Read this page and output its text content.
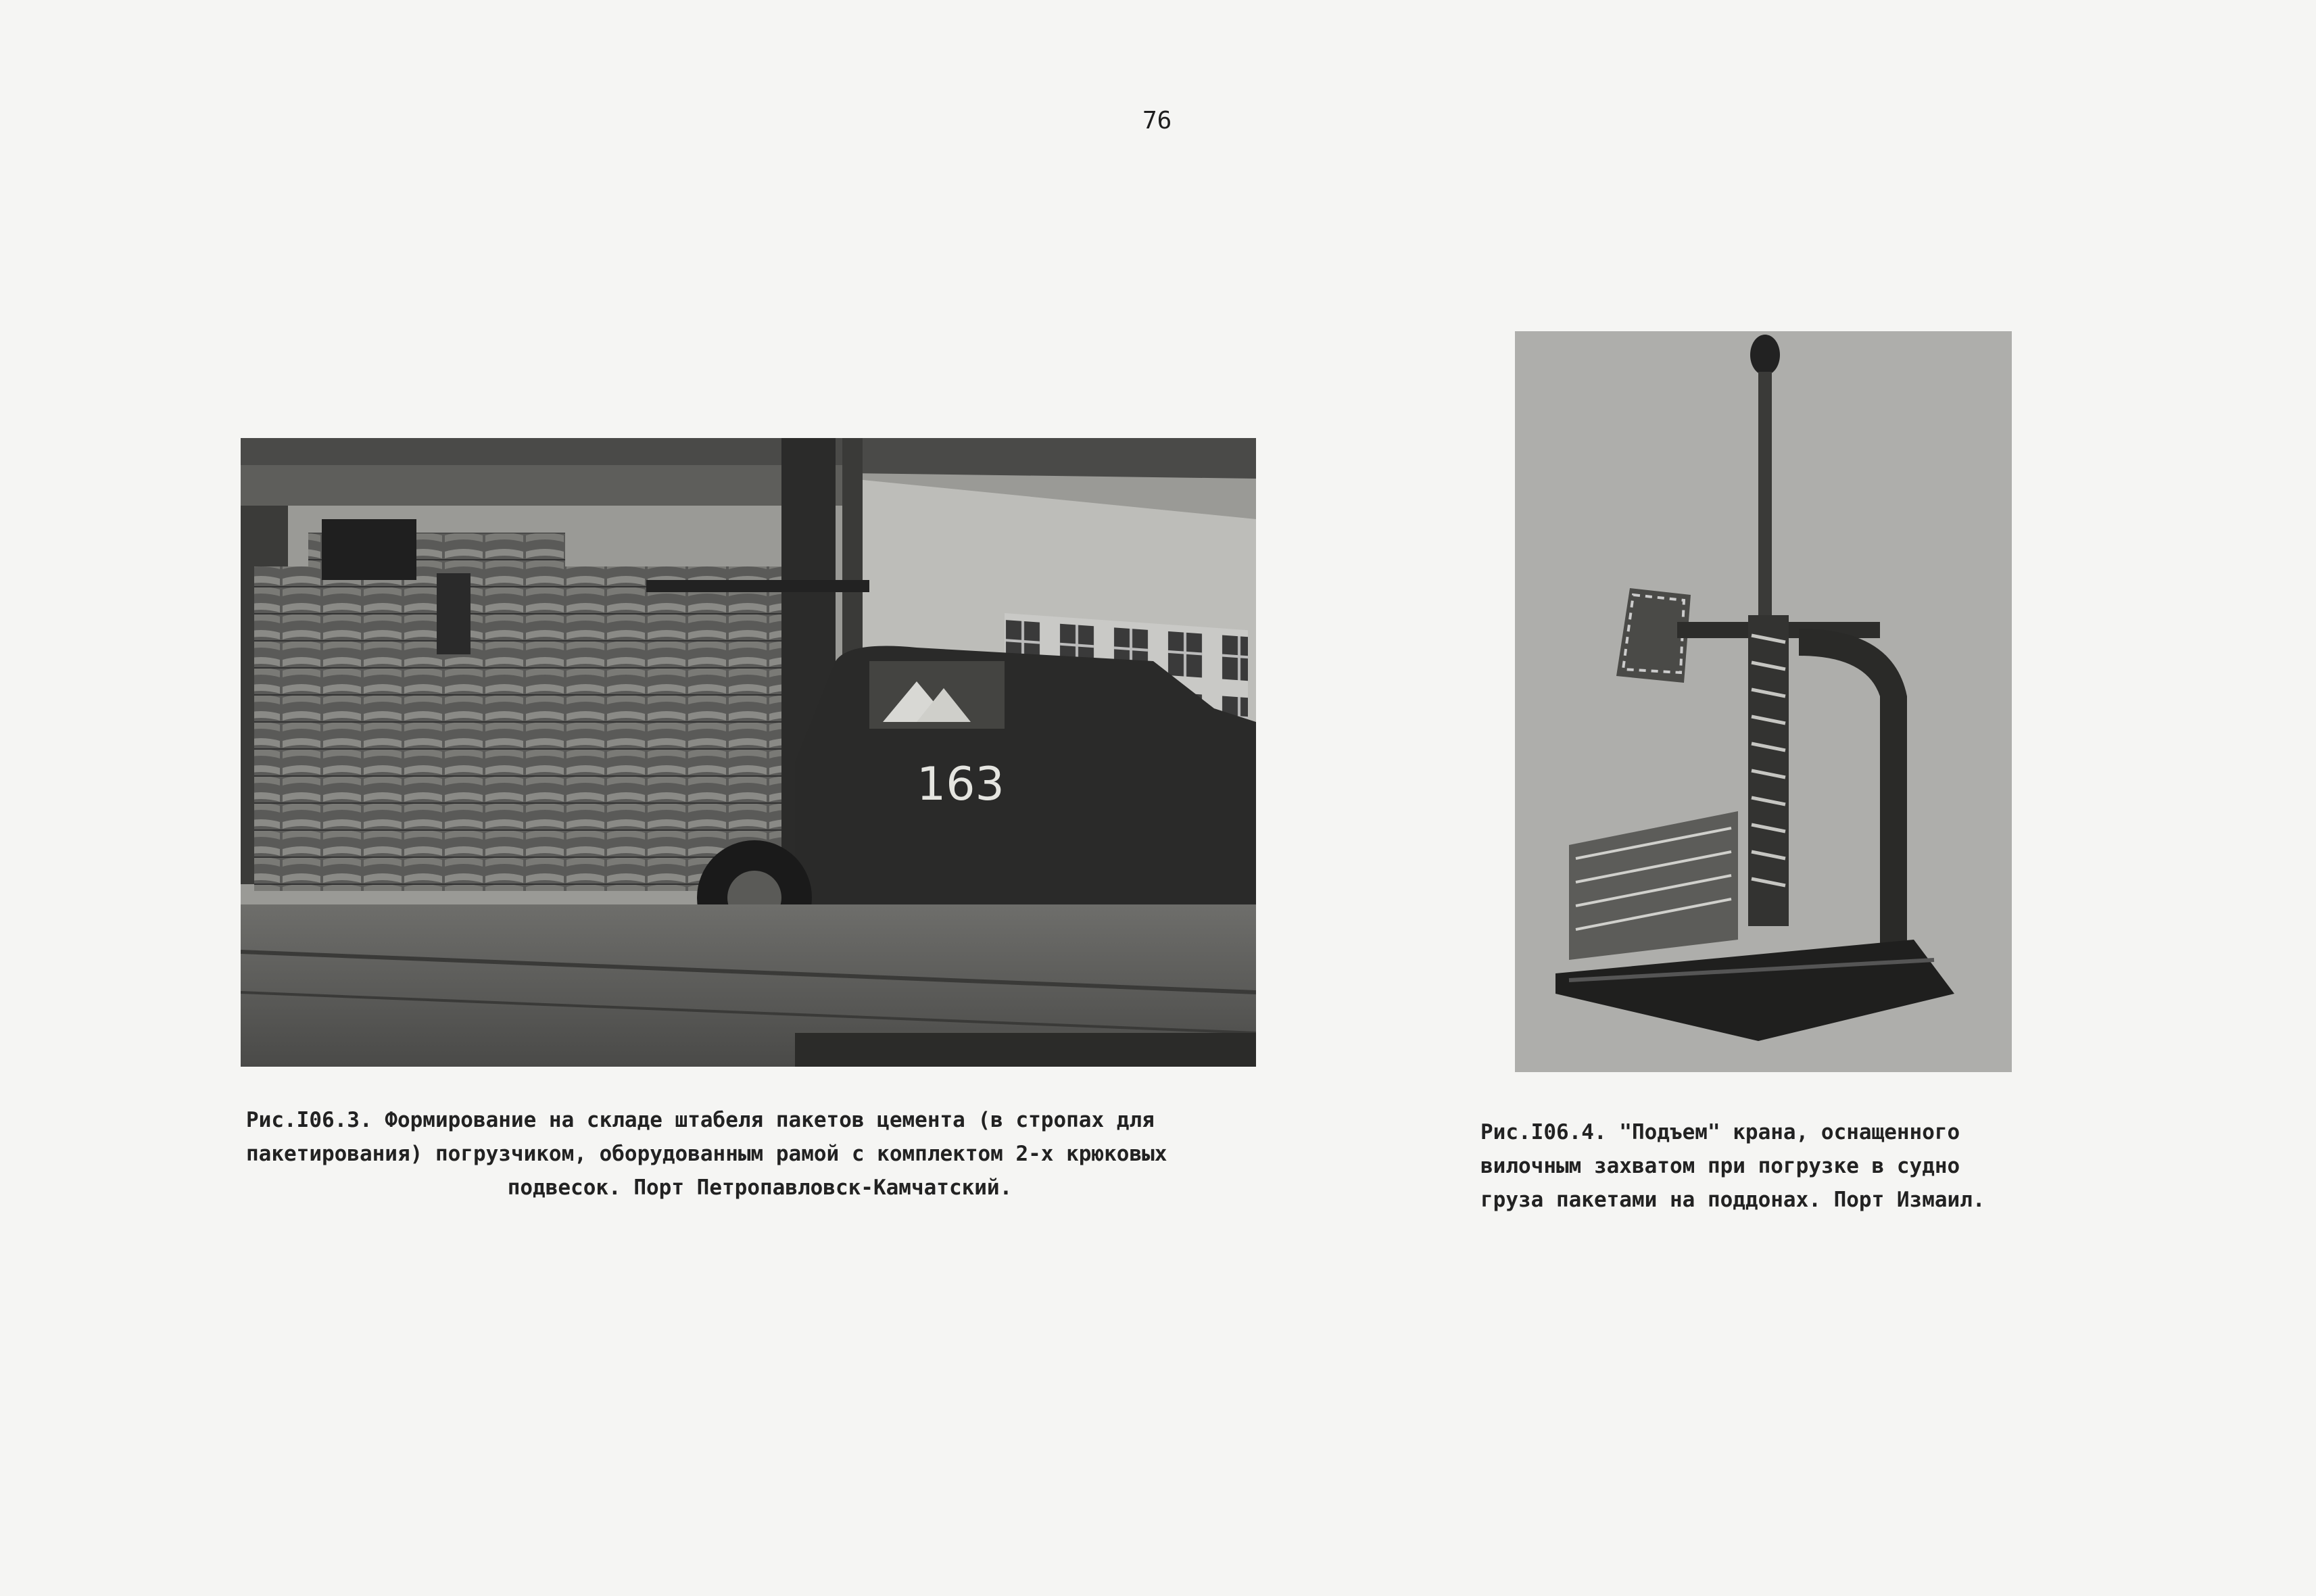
76
163
Рис.I06.3. Формирование на складе штабеля пакетов цемента (в стропах для
пакетирования) погрузчиком, оборудованным рамой с комплектом 2-х крюковых
подвесок. Порт Петропавловск-Камчатский.
Рис.I06.4. "Подъем" крана, оснащенного
вилочным захватом при погрузке в судно
груза пакетами на поддонах. Порт Измаил.
